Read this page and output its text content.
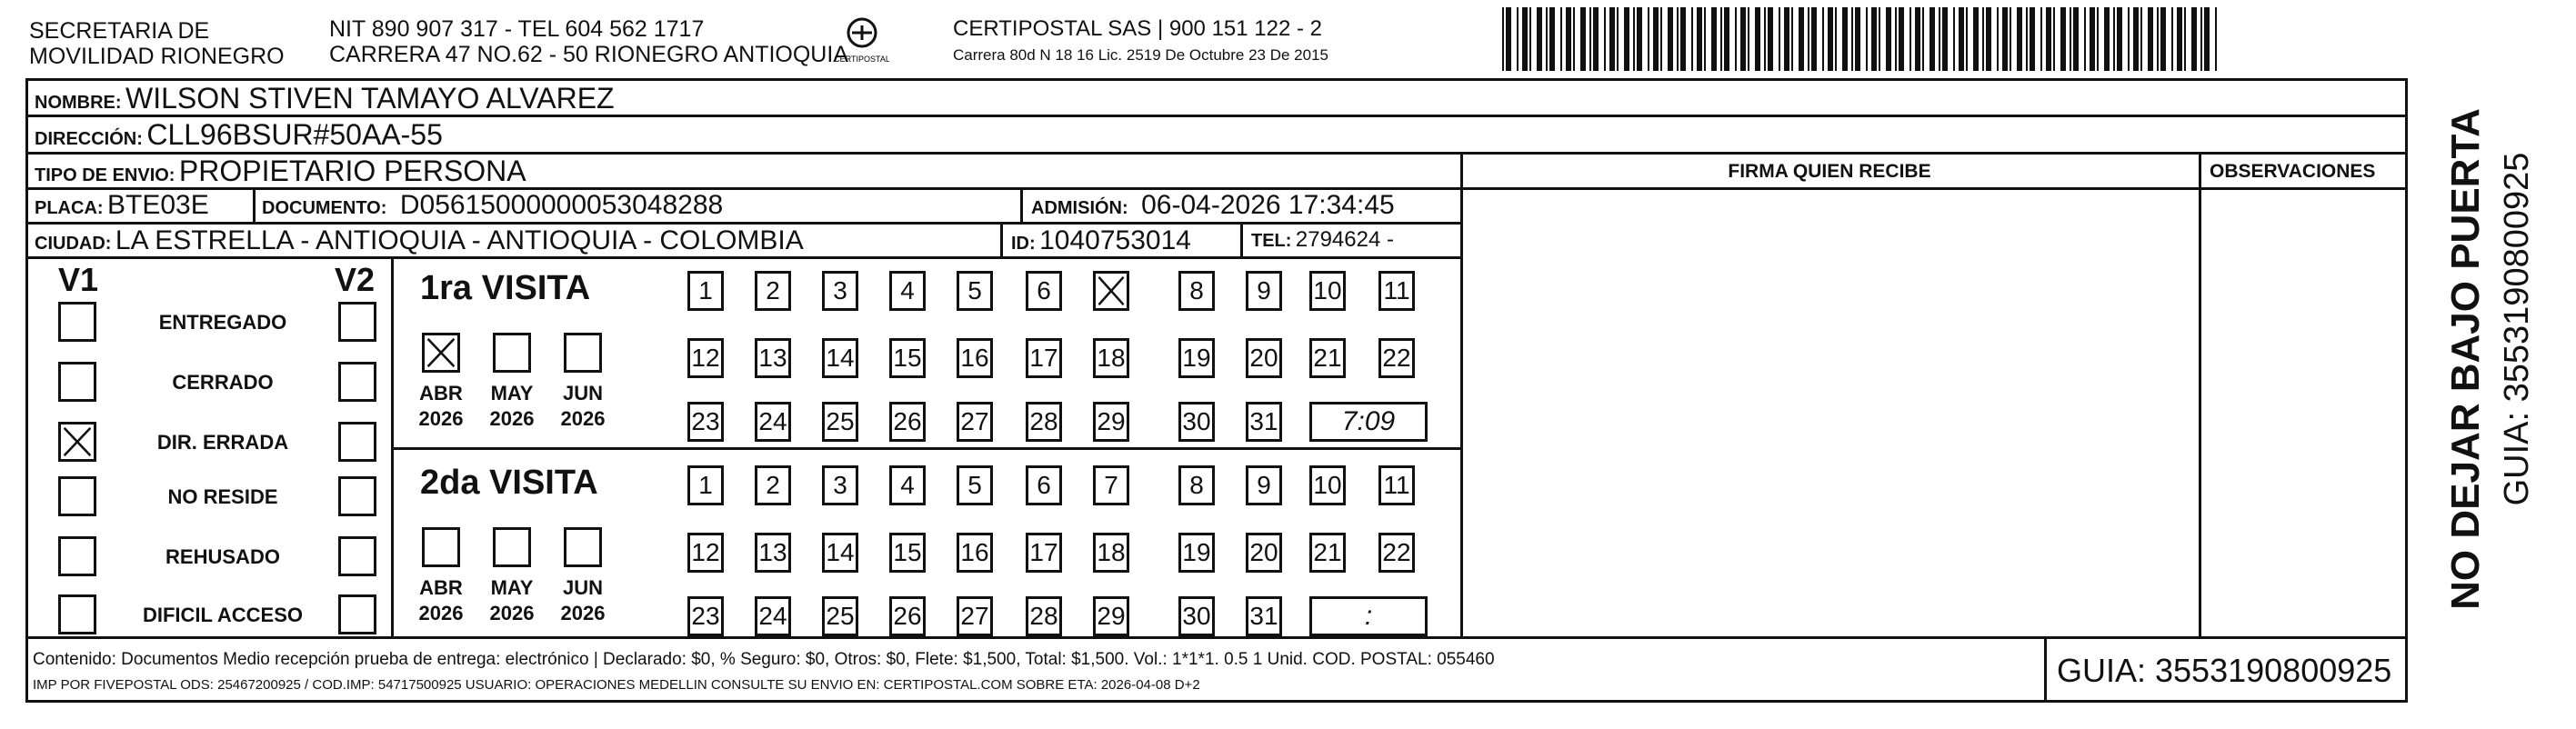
SECRETARIA DE
MOVILIDAD RIONEGRO
NIT 890 907 317 - TEL 604 562 1717
CARRERA 47 NO.62 - 50 RIONEGRO ANTIOQUIA
CERTIPOSTAL
CERTIPOSTAL SAS | 900 151 122 - 2
Carrera 80d N 18 16 Lic. 2519 De Octubre 23 De 2015
NOMBRE: WILSON STIVEN TAMAYO ALVAREZ
DIRECCIÓN: CLL96BSUR#50AA-55
TIPO DE ENVIO: PROPIETARIO PERSONA	FIRMA QUIEN RECIBE	OBSERVACIONES
PLACA: BTE03E	DOCUMENTO: D05615000000053048288	ADMISIÓN: 06-04-2026 17:34:45
CIUDAD: LA ESTRELLA - ANTIOQUIA - ANTIOQUIA - COLOMBIA	ID: 1040753014	TEL: 2794624 -
V1	V2
ENTREGADO
CERRADO
DIR. ERRADA
NO RESIDE
REHUSADO
DIFICIL ACCESO
1ra VISITA
2da VISITA
ABR
2026
MAY
2026
JUN
2026
1	2	3	4	5	6	8	9	10 11
12 13 14 15 16 17 18 19 20 21 22
23 24 25 26 27 28 29 30 31	7:09
ABR
2026
MAY
2026
JUN
2026
1	2	3	4	5	6	7	8	9	10 11
12 13 14 15 16 17 18 19 20 21 22
23 24 25 26 27 28 29 30 31	:
Contenido: Documentos Medio recepción prueba de entrega: electrónico | Declarado: $0, % Seguro: $0, Otros: $0, Flete: $1,500, Total: $1,500. Vol.: 1*1*1. 0.5 1 Unid. COD. POSTAL: 055460
IMP POR FIVEPOSTAL ODS: 25467200925 / COD.IMP: 54717500925 USUARIO: OPERACIONES MEDELLIN CONSULTE SU ENVIO EN: CERTIPOSTAL.COM SOBRE ETA: 2026-04-08 D+2	GUIA: 3553190800925
NO DEJAR BAJO PUERTA GUIA: 3553190800925
